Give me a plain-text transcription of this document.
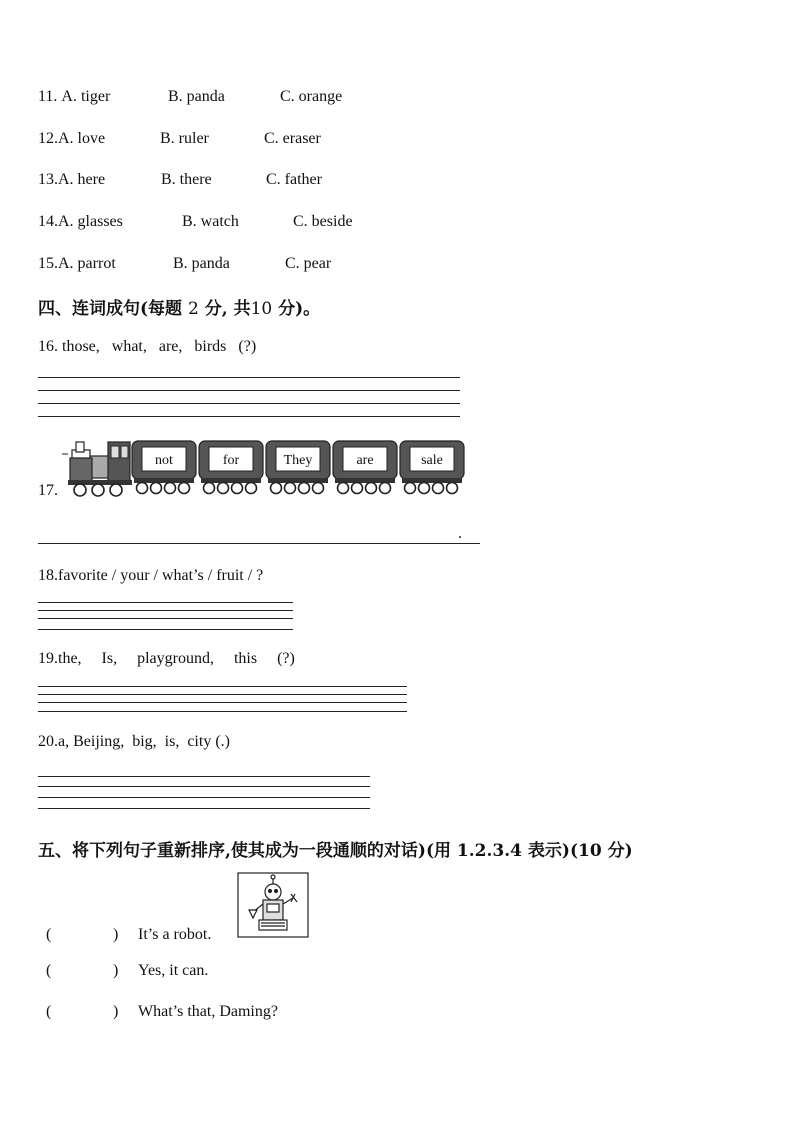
11. A. tiger	B. panda	C. orange
12.A. love	B. ruler	C. eraser
13.A. here	B. there	C. father
14.A. glasses	B. watch	C. beside
15.A. parrot	B. panda	C. pear
四、连词成句(每题 2 分, 共10 分)。
16. those,   what,   are,   birds   (?)
17.
not	for	They	are	sale
.
18.favorite / your / what’s / fruit / ?
19.the,     Is,     playground,     this     (?)
20.a, Beijing,  big,  is,  city (.)
五、将下列句子重新排序,使其成为一段通顺的对话)(用 1.2.3.4 表示)(10 分)
(	) It’s a robot.
(	) Yes, it can.
(	) What’s that, Daming?
